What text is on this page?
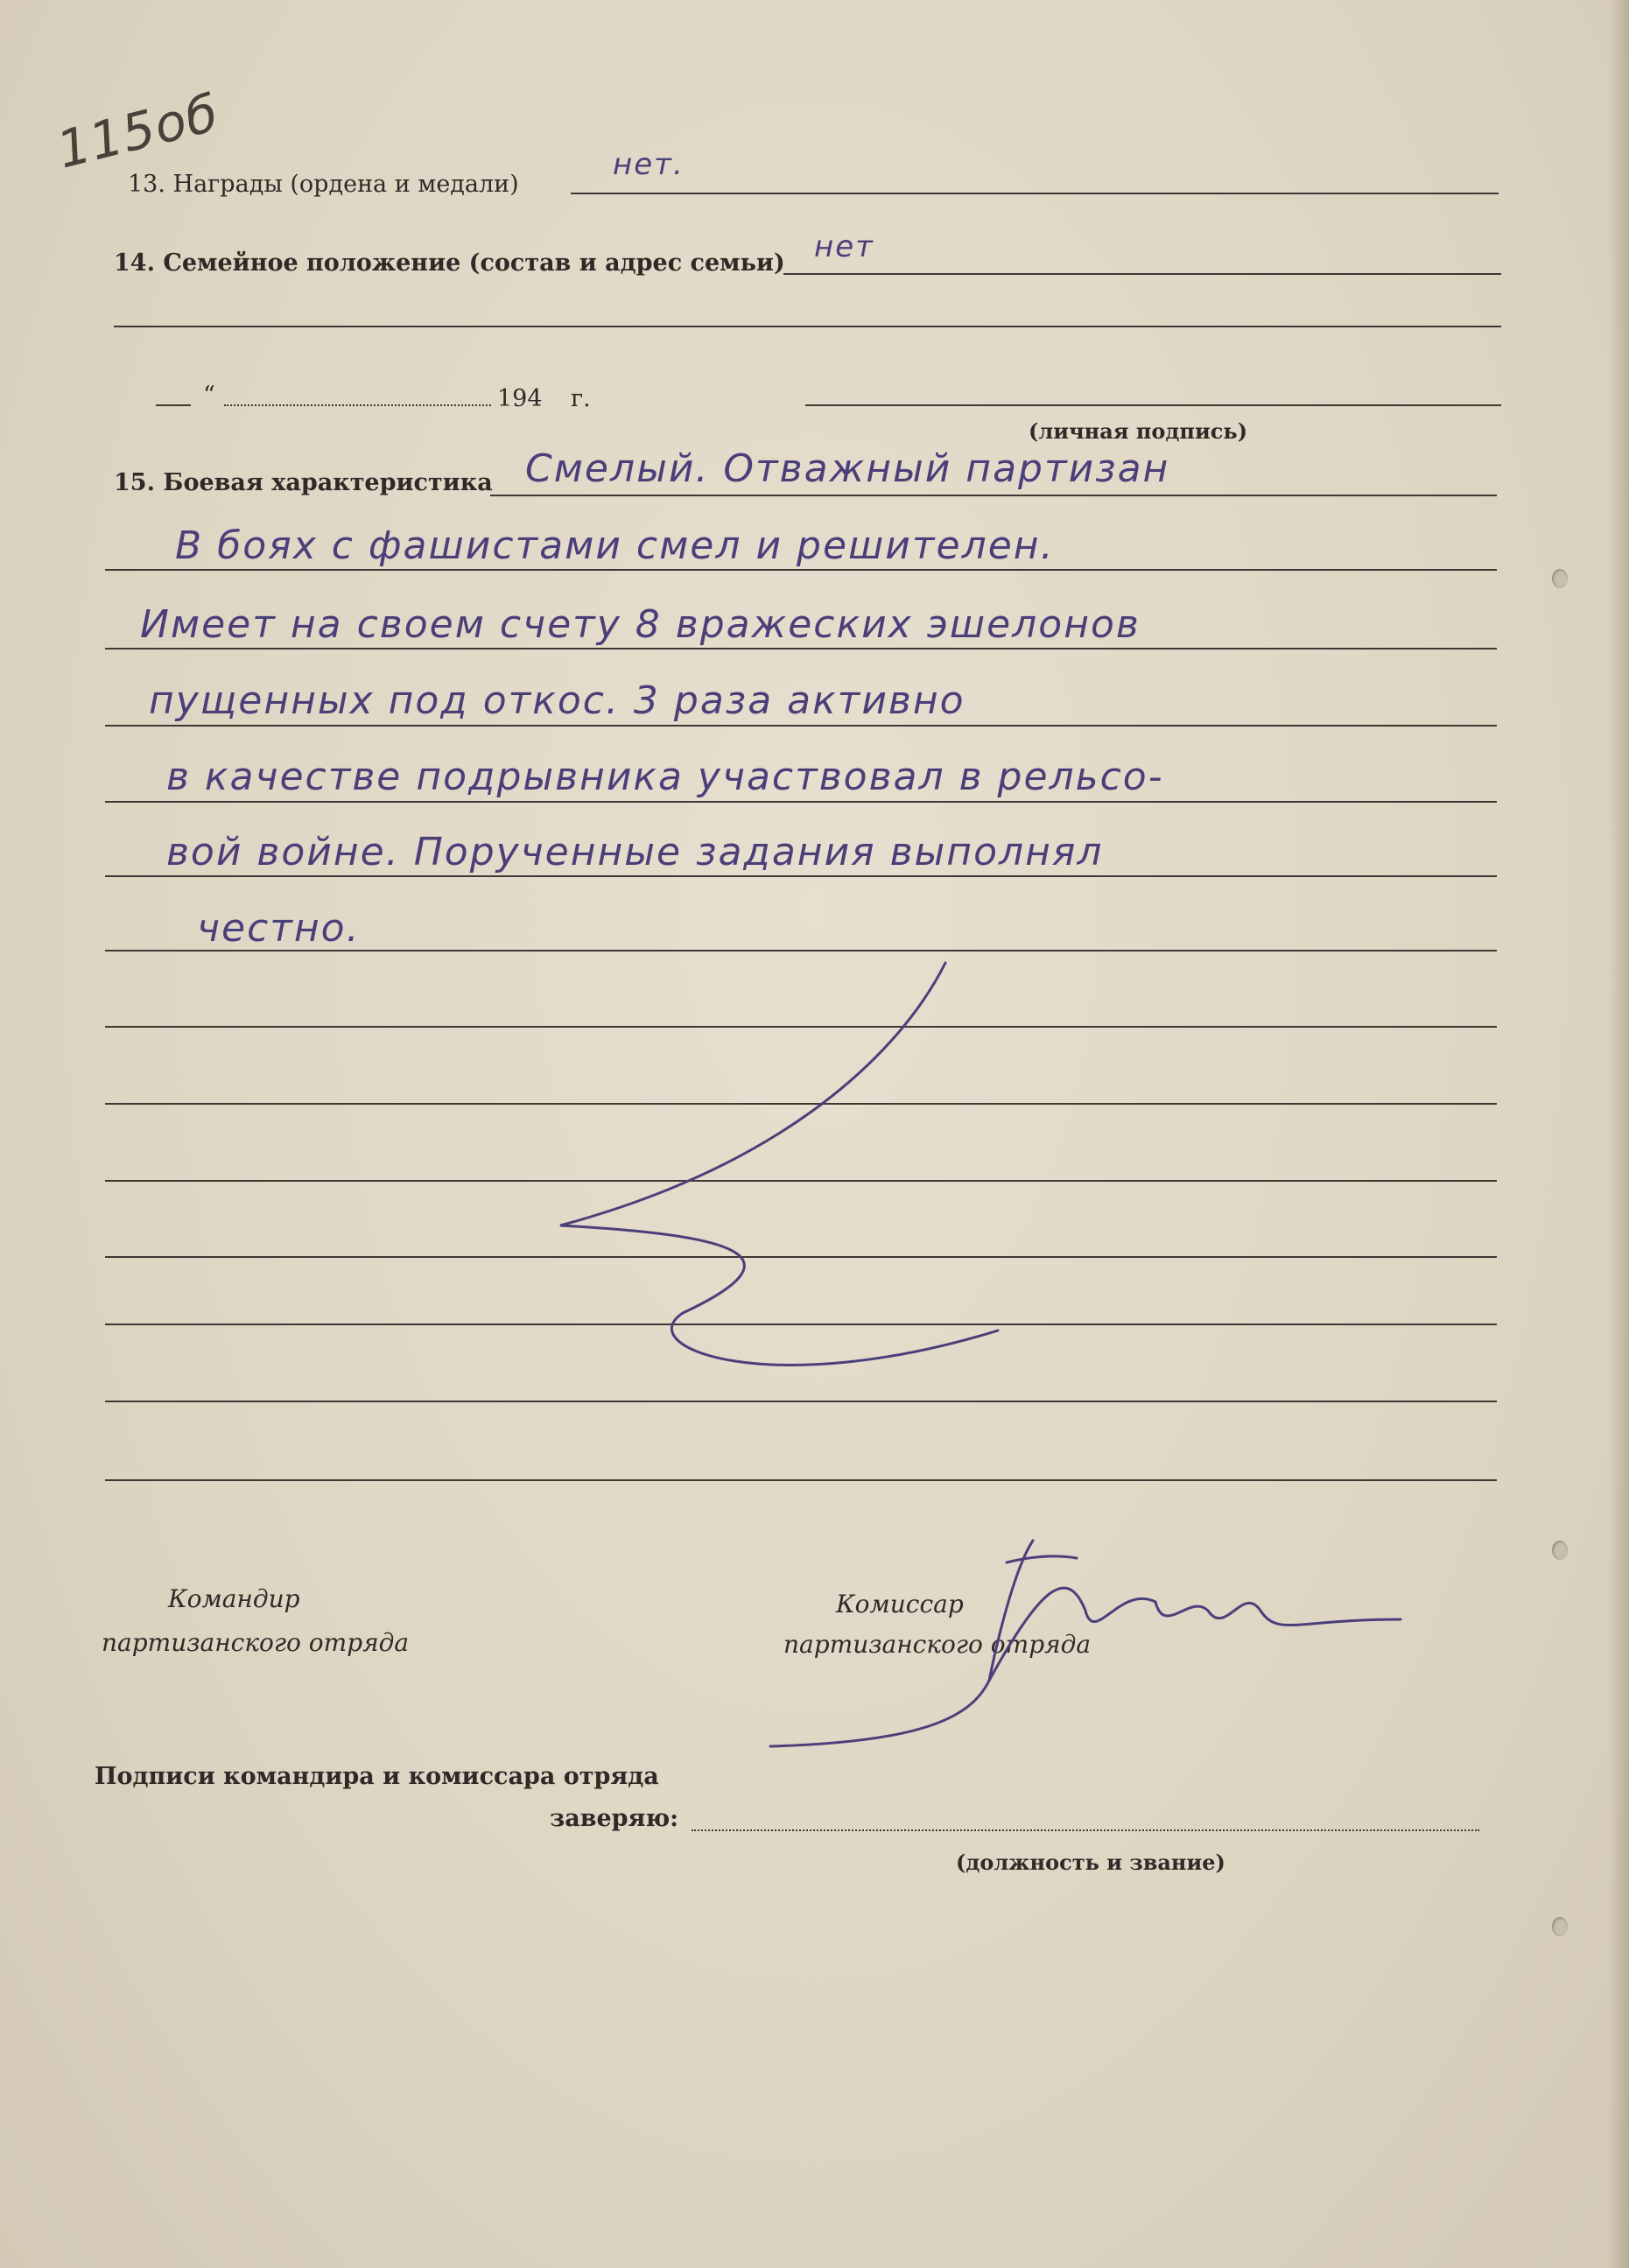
115об
13. Награды (ордена и медали)
нет.
14. Семейное положение (состав и адрес семьи) нет
“	194 г.
(личная подпись)
15. Боевая характеристика Смелый. Отважный партизан
В боях с фашистами смел и решителен.
Имеет на своем счету 8 вражеских эшелонов
пущенных под откос. 3 раза активно
в качестве подрывника участвовал в рельсо-
вой войне. Порученные задания выполнял
честно.
Командир
партизанского отряда
Комиссар
партизанского отряда
Подписи командира и комиссара отряда
заверяю:
(должность и звание)
